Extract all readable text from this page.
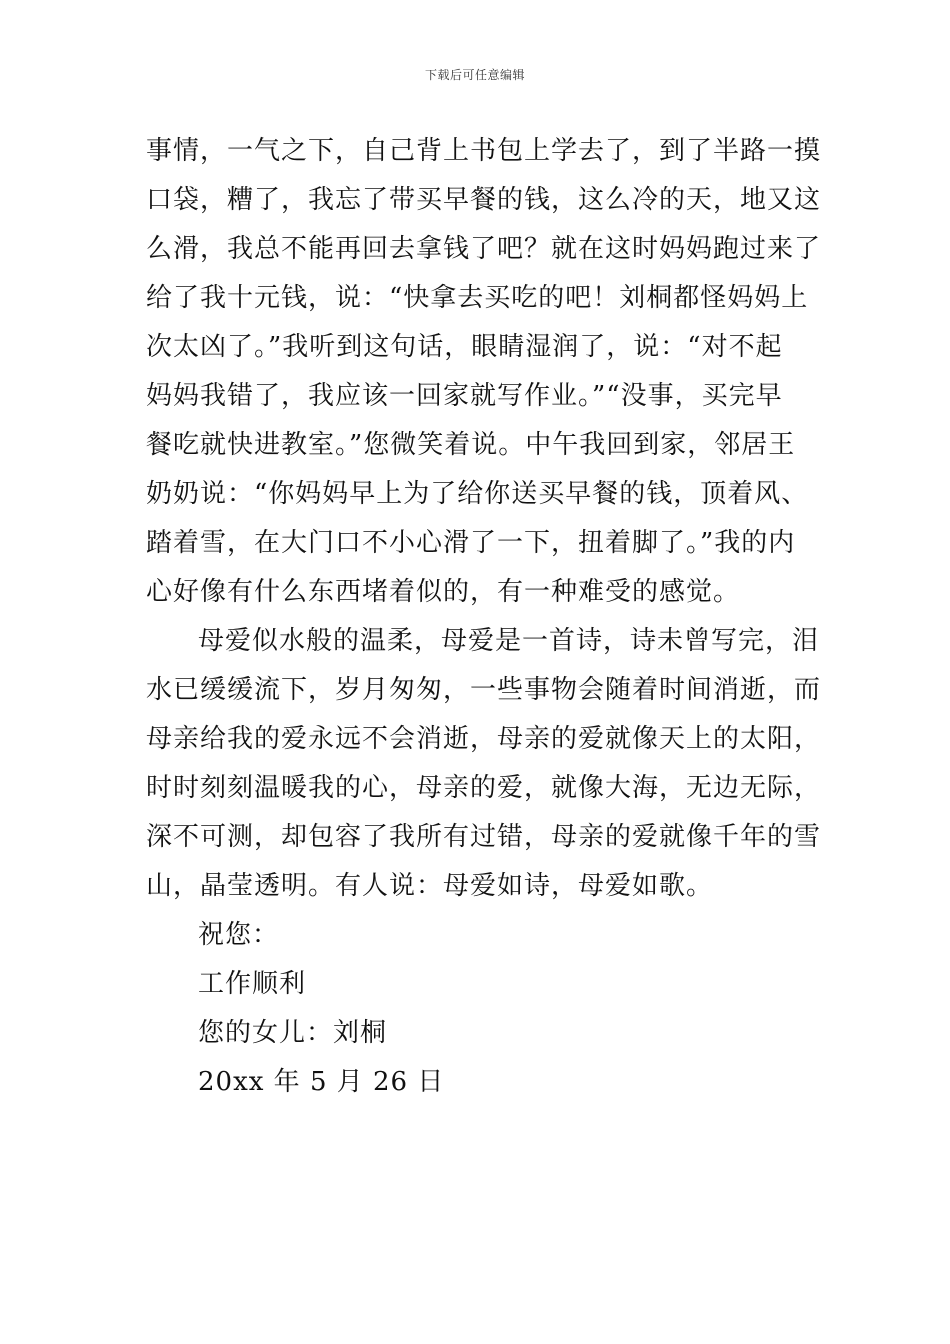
下载后可任意编辑
事情，一气之下，自己背上书包上学去了，到了半路一摸
口袋，糟了，我忘了带买早餐的钱，这么冷的天，地又这
么滑，我总不能再回去拿钱了吧？就在这时妈妈跑过来了
给了我十元钱，说：“快拿去买吃的吧！刘桐都怪妈妈上
次太凶了。”我听到这句话，眼睛湿润了，说：“对不起
妈妈我错了，我应该一回家就写作业。”“没事，买完早
餐吃就快进教室。”您微笑着说。中午我回到家，邻居王
奶奶说：“你妈妈早上为了给你送买早餐的钱，顶着风、
踏着雪，在大门口不小心滑了一下，扭着脚了。”我的内
心好像有什么东西堵着似的，有一种难受的感觉。
母爱似水般的温柔，母爱是一首诗，诗未曾写完，泪
水已缓缓流下，岁月匆匆，一些事物会随着时间消逝，而
母亲给我的爱永远不会消逝，母亲的爱就像天上的太阳，
时时刻刻温暖我的心，母亲的爱，就像大海，无边无际，
深不可测，却包容了我所有过错，母亲的爱就像千年的雪
山，晶莹透明。有人说：母爱如诗，母爱如歌。
祝您：
工作顺利
您的女儿：刘桐
20xx 年 5 月 26 日
